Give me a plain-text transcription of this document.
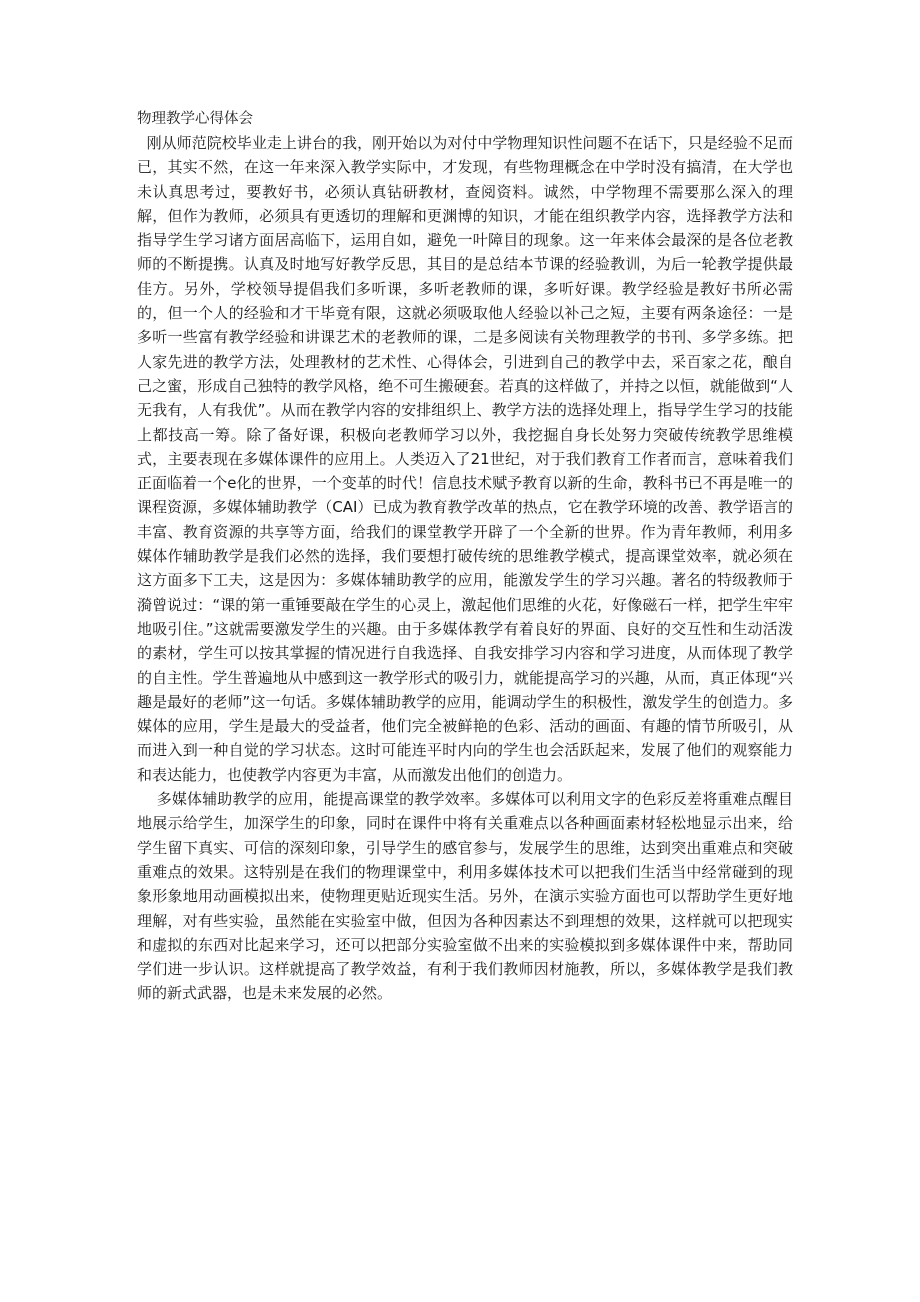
物理教学心得体会

刚从师范院校毕业走上讲台的我，刚开始以为对付中学物理知识性问题不在话下，只是经验不足而已，其实不然，在这一年来深入教学实际中，才发现，有些物理概念在中学时没有搞清，在大学也未认真思考过，要教好书，必须认真钻研教材，查阅资料。诚然，中学物理不需要那么深入的理解，但作为教师，必须具有更透切的理解和更渊博的知识，才能在组织教学内容，选择教学方法和指导学生学习诸方面居高临下，运用自如，避免一叶障目的现象。这一年来体会最深的是各位老教师的不断提携。认真及时地写好教学反思，其目的是总结本节课的经验教训，为后一轮教学提供最佳方。另外，学校领导提倡我们多听课，多听老教师的课，多听好课。教学经验是教好书所必需的，但一个人的经验和才干毕竟有限，这就必须吸取他人经验以补己之短，主要有两条途径：一是多听一些富有教学经验和讲课艺术的老教师的课，二是多阅读有关物理教学的书刊、多学多练。把人家先进的教学方法，处理教材的艺术性、心得体会，引进到自己的教学中去，采百家之花，酿自己之蜜，形成自己独特的教学风格，绝不可生搬硬套。若真的这样做了，并持之以恒，就能做到“人无我有，人有我优”。从而在教学内容的安排组织上、教学方法的选择处理上，指导学生学习的技能上都技高一筹。除了备好课，积极向老教师学习以外，我挖掘自身长处努力突破传统教学思维模式，主要表现在多媒体课件的应用上。人类迈入了21世纪，对于我们教育工作者而言，意味着我们正面临着一个e化的世界，一个变革的时代！信息技术赋予教育以新的生命，教科书已不再是唯一的课程资源，多媒体辅助教学（CAI）已成为教育教学改革的热点，它在教学环境的改善、教学语言的丰富、教育资源的共享等方面，给我们的课堂教学开辟了一个全新的世界。作为青年教师，利用多媒体作辅助教学是我们必然的选择，我们要想打破传统的思维教学模式，提高课堂效率，就必须在这方面多下工夫，这是因为：多媒体辅助教学的应用，能激发学生的学习兴趣。著名的特级教师于漪曾说过：“课的第一重锤要敲在学生的心灵上，激起他们思维的火花，好像磁石一样，把学生牢牢地吸引住。”这就需要激发学生的兴趣。由于多媒体教学有着良好的界面、良好的交互性和生动活泼的素材，学生可以按其掌握的情况进行自我选择、自我安排学习内容和学习进度，从而体现了教学的自主性。学生普遍地从中感到这一教学形式的吸引力，就能提高学习的兴趣，从而，真正体现“兴趣是最好的老师”这一句话。多媒体辅助教学的应用，能调动学生的积极性，激发学生的创造力。多媒体的应用，学生是最大的受益者，他们完全被鲜艳的色彩、活动的画面、有趣的情节所吸引，从而进入到一种自觉的学习状态。这时可能连平时内向的学生也会活跃起来，发展了他们的观察能力和表达能力，也使教学内容更为丰富，从而激发出他们的创造力。

多媒体辅助教学的应用，能提高课堂的教学效率。多媒体可以利用文字的色彩反差将重难点醒目地展示给学生，加深学生的印象，同时在课件中将有关重难点以各种画面素材轻松地显示出来，给学生留下真实、可信的深刻印象，引导学生的感官参与，发展学生的思维，达到突出重难点和突破重难点的效果。这特别是在我们的物理课堂中，利用多媒体技术可以把我们生活当中经常碰到的现象形象地用动画模拟出来，使物理更贴近现实生活。另外，在演示实验方面也可以帮助学生更好地理解，对有些实验，虽然能在实验室中做，但因为各种因素达不到理想的效果，这样就可以把现实和虚拟的东西对比起来学习，还可以把部分实验室做不出来的实验模拟到多媒体课件中来，帮助同学们进一步认识。这样就提高了教学效益，有利于我们教师因材施教，所以，多媒体教学是我们教师的新式武器，也是未来发展的必然。
